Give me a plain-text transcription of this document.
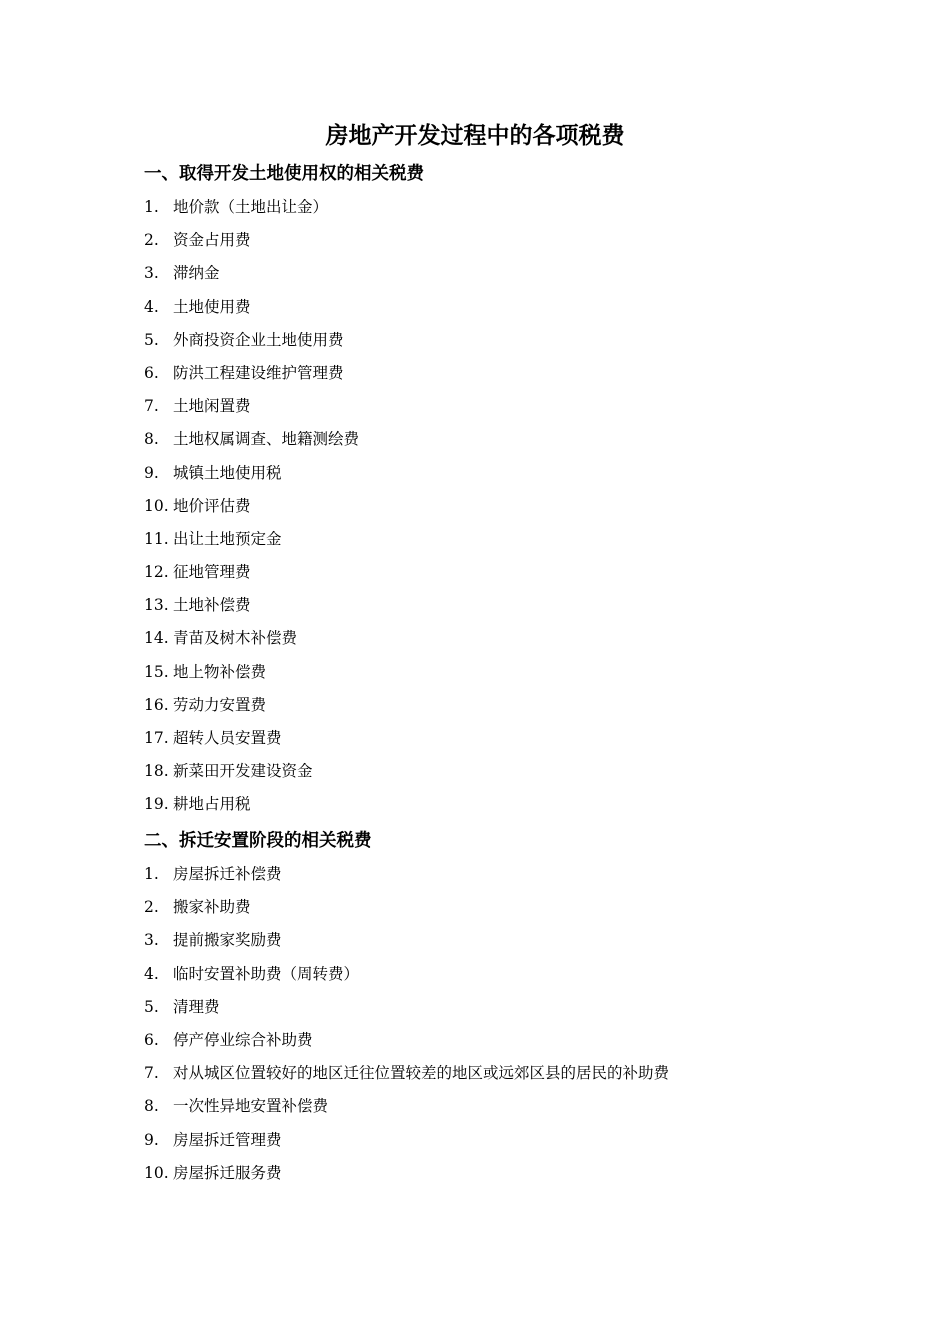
房地产开发过程中的各项税费
一、取得开发土地使用权的相关税费
1. 地价款（土地出让金）
2. 资金占用费
3. 滞纳金
4. 土地使用费
5. 外商投资企业土地使用费
6. 防洪工程建设维护管理费
7. 土地闲置费
8. 土地权属调查、地籍测绘费
9. 城镇土地使用税
10. 地价评估费
11. 出让土地预定金
12. 征地管理费
13. 土地补偿费
14. 青苗及树木补偿费
15. 地上物补偿费
16. 劳动力安置费
17. 超转人员安置费
18. 新菜田开发建设资金
19. 耕地占用税
二、拆迁安置阶段的相关税费
1. 房屋拆迁补偿费
2. 搬家补助费
3. 提前搬家奖励费
4. 临时安置补助费（周转费）
5. 清理费
6. 停产停业综合补助费
7. 对从城区位置较好的地区迁往位置较差的地区或远郊区县的居民的补助费
8. 一次性异地安置补偿费
9. 房屋拆迁管理费
10. 房屋拆迁服务费
